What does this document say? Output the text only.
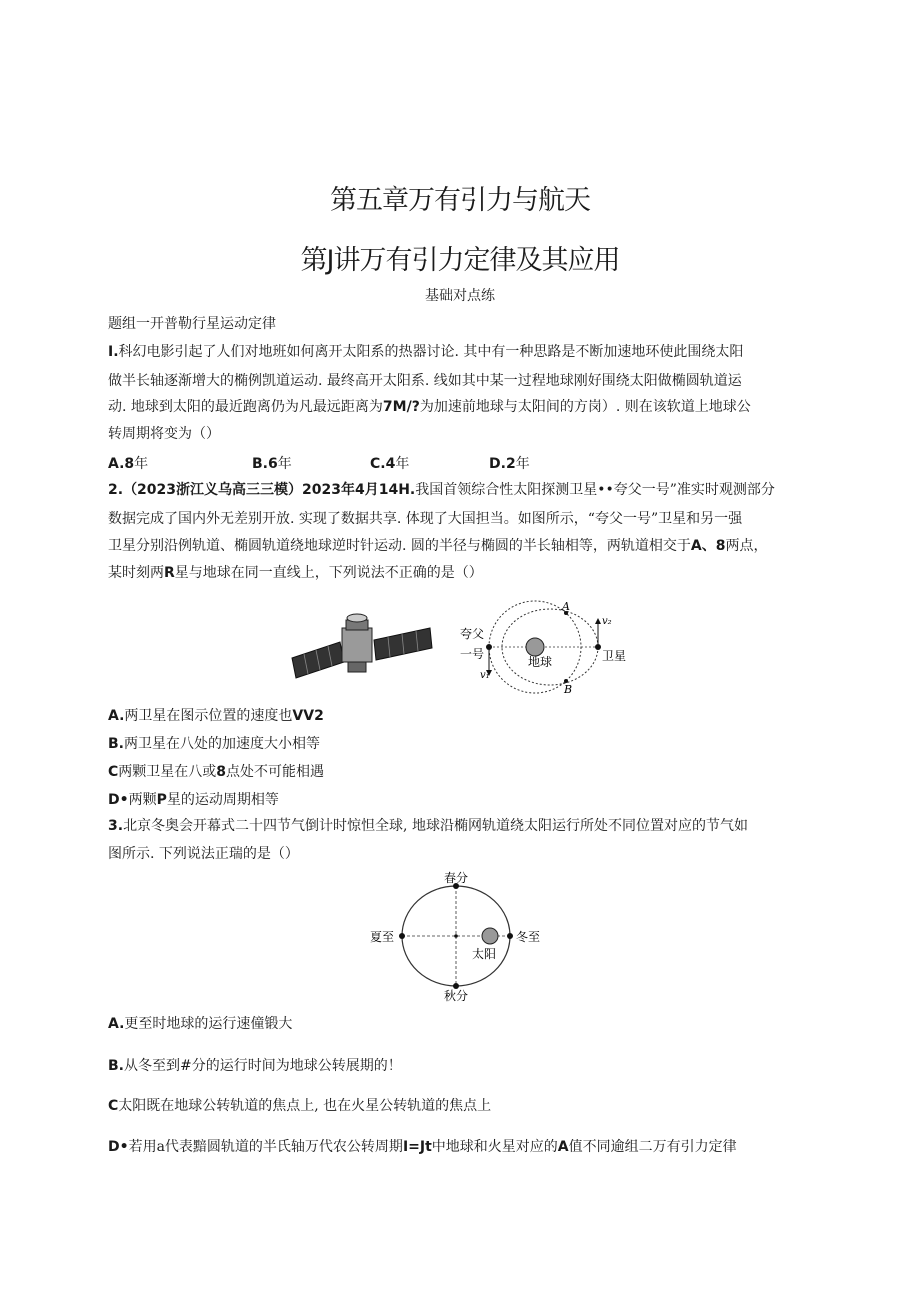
第五章万有引力与航天
第J讲万有引力定律及其应用
基础对点练
题组一开普勒行星运动定律
I.科幻电影引起了人们对地班如何离开太阳系的热器讨论. 其中有一种思路是不断加速地环使此围绕太阳
做半长轴逐渐增大的椭例凯道运动. 最终高开太阳系. 线如其中某一过程地球刚好围绕太阳做椭圆轨道运
动. 地球到太阳的最近跑离仍为凡最远距离为7M/?为加速前地球与太阳间的方岗）. 则在该软道上地球公
转周期将变为（）
A.8年	B.6年	C.4年	D.2年
2.（2023浙江义乌高三三模）2023年4月14H.我国首领综合性太阳探测卫星••夸父一号”准实时观测部分
数据完成了国内外无差别开放. 实现了数据共享. 体现了大国担当。如图所示，“夸父一号”卫星和另一强
卫星分别沿例轨道、椭圆轨道绕地球逆时针运动. 圆的半径与椭圆的半长轴相等，两轨道相交于A、8两点，
某时刻两R星与地球在同一直线上，下列说法不正确的是（）
夸父
一号
地球	卫星
A
B
v₁
v₂
A.两卫星在图示位置的速度也VV2
B.两卫星在八处的加速度大小相等
C两颗卫星在八或8点处不可能相遇
D•两颗P星的运动周期相等
3.北京冬奥会开幕式二十四节气倒计时惊怛全球, 地球沿椭网轨道绕太阳运行所处不同位置对应的节气如
图所示. 下列说法正瑞的是（）
春分
秋分
夏至	冬至
太阳
A.更至时地球的运行速僮锻大
B.从冬至到#分的运行时间为地球公转展期的！
C太阳既在地球公转轨道的焦点上, 也在火星公转轨道的焦点上
D•若用a代表黯圆轨道的半氏轴万代农公转周期I=Jt中地球和火星对应的A值不同逾组二万有引力定律
